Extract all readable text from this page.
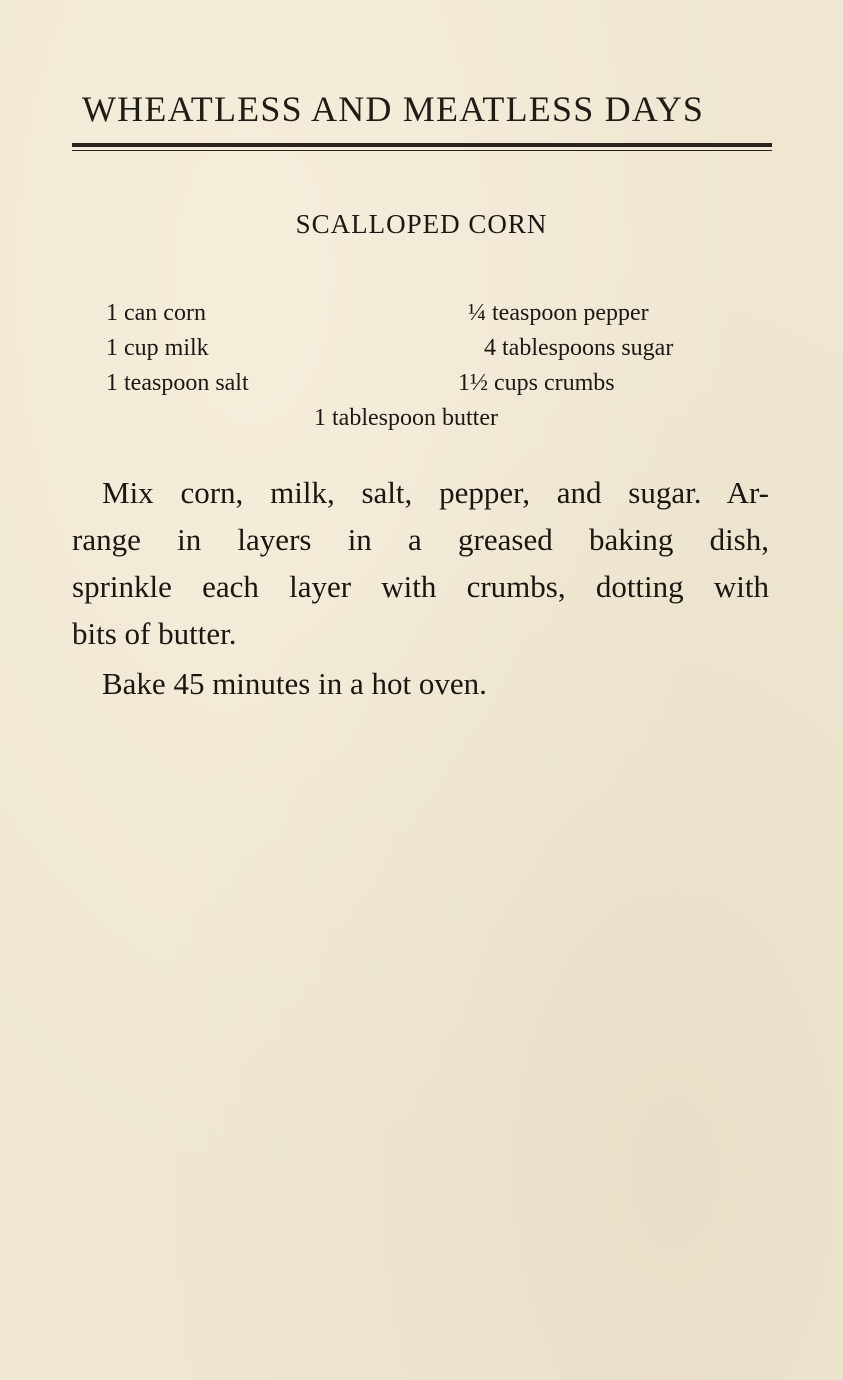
WHEATLESS AND MEATLESS DAYS
SCALLOPED CORN
1 can corn
1 cup milk
1 teaspoon salt
¼ teaspoon pepper
4 tablespoons sugar
1½ cups crumbs
1 tablespoon butter
Mix corn, milk, salt, pepper, and sugar. Ar-
range in layers in a greased baking dish,
sprinkle each layer with crumbs, dotting with
bits of butter.
Bake 45 minutes in a hot oven.
